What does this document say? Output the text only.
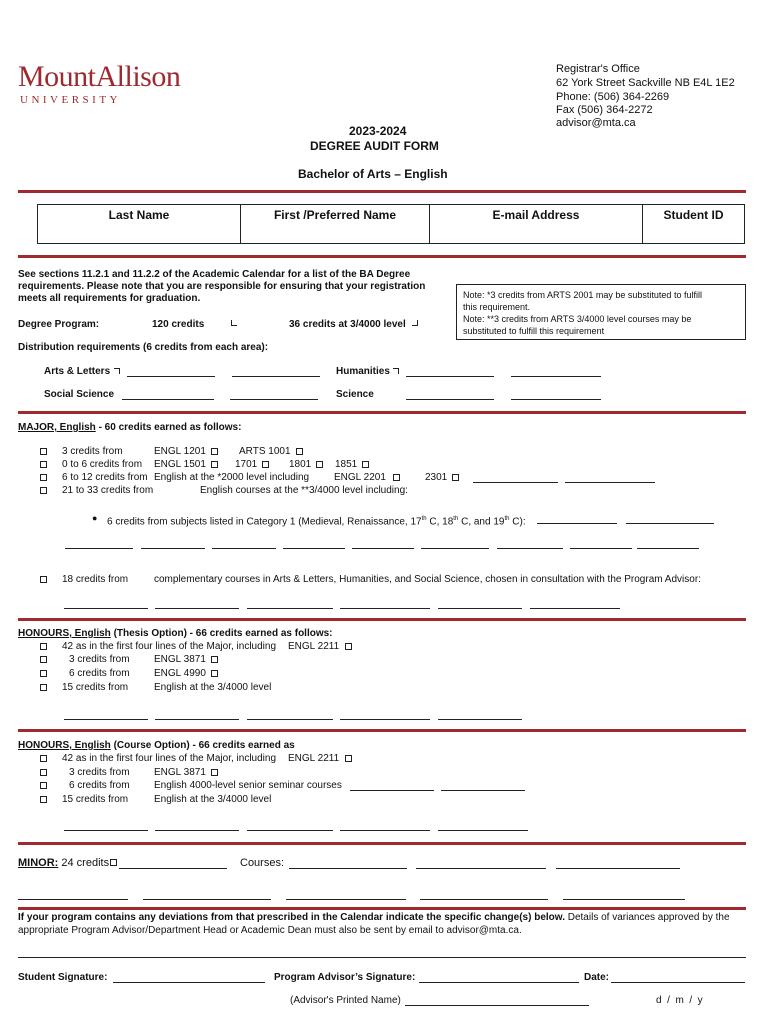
MountAllison
UNIVERSITY
Registrar's Office
62 York Street Sackville NB E4L 1E2
Phone: (506) 364-2269
Fax (506) 364-2272
advisor@mta.ca
2023-2024
DEGREE AUDIT FORM
Bachelor of Arts – English
Last Name	First /Preferred Name	E-mail Address	Student ID
See sections 11.2.1 and 11.2.2 of the Academic Calendar for a list of the BA Degree
requirements. Please note that you are responsible for ensuring that your registration
meets all requirements for graduation.	Note: *3 credits from ARTS 2001 may be substituted to fulfill
this requirement.
Note: **3 credits from ARTS 3/4000 level courses may be
substituted to fulfill this requirement
Degree Program:	120 credits	36 credits at 3/4000 level
Distribution requirements (6 credits from each area):
Arts & Letters	Humanities
Social Science	Science
MAJOR, English - 60 credits earned as follows:
3 credits from	ENGL 1201	ARTS 1001
0 to 6 credits from ENGL 1501	1701	1801 1851
6 to 12 credits from English at the *2000 level including ENGL 2201	2301
21 to 33 credits from	English courses at the **3/4000 level including:
● 6 credits from subjects listed in Category 1 (Medieval, Renaissance, 17th C, 18th C, and 19th C):
18 credits from	complementary courses in Arts & Letters, Humanities, and Social Science, chosen in consultation with the Program Advisor:
HONOURS, English (Thesis Option) - 66 credits earned as follows:
42 as in the first four lines of the Major, including ENGL 2211
3 credits from ENGL 3871
6 credits from ENGL 4990
15 credits from	English at the 3/4000 level
HONOURS, English (Course Option) - 66 credits earned as
42 as in the first four lines of the Major, including ENGL 2211
3 credits from ENGL 3871
6 credits from English 4000-level senior seminar courses
15 credits from	English at the 3/4000 level
MINOR: 24 credits	Courses:
If your program contains any deviations from that prescribed in the Calendar indicate the specific change(s) below. Details of variances approved by the
appropriate Program Advisor/Department Head or Academic Dean must also be sent by email to advisor@mta.ca.
Student Signature:	Program Advisor’s Signature:	Date:
(Advisor's Printed Name)	d  /  m  /  y
